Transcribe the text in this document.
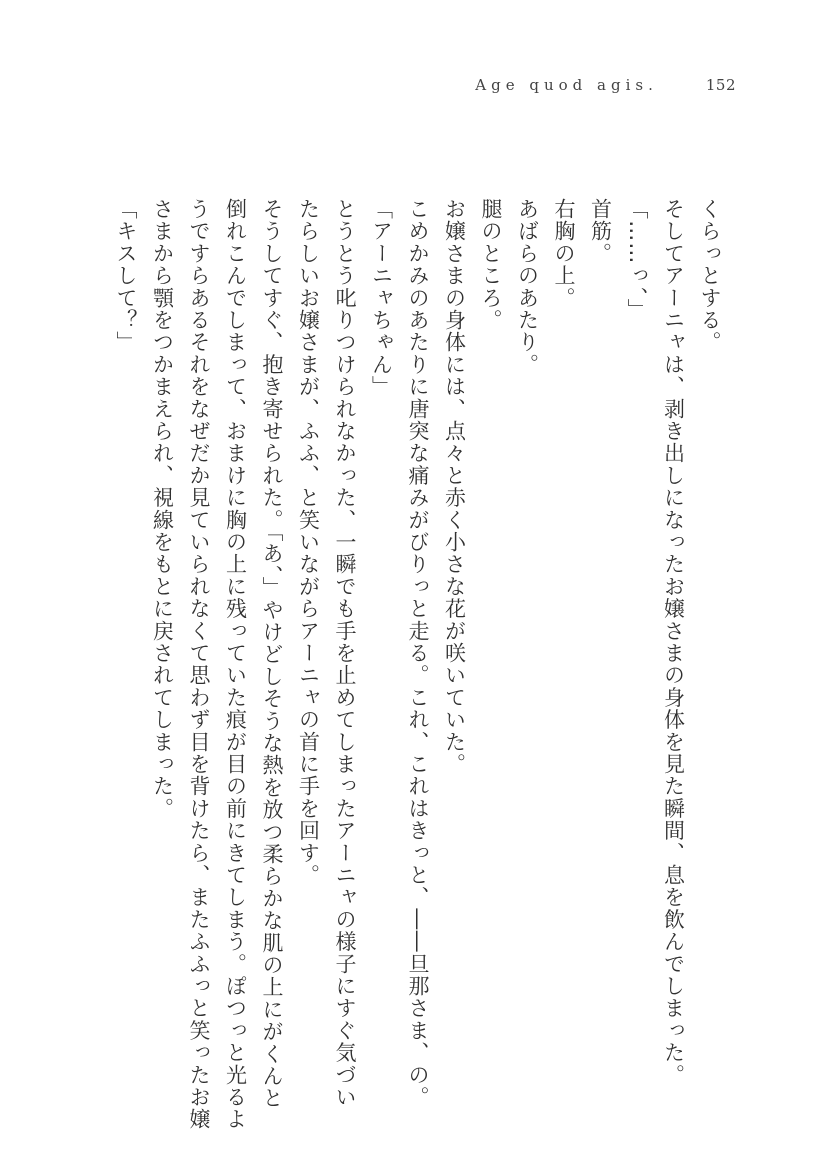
Age quod agis.	152
くらっとする。
そしてアーニャは、剥き出しになったお嬢さまの身体を見た瞬間、息を飲んでしまった。
「……っ、」
首筋。
右胸の上。
あばらのあたり。
腿のところ。
お嬢さまの身体には、点々と赤く小さな花が咲いていた。
こめかみのあたりに唐突な痛みがびりっと走る。これ、これはきっと、――旦那さま、の。
「アーニャちゃん」
とうとう叱りつけられなかった、一瞬でも手を止めてしまったアーニャの様子にすぐ気づい
たらしいお嬢さまが、ふふ、と笑いながらアーニャの首に手を回す。
そうしてすぐ、抱き寄せられた。「あ、」やけどしそうな熱を放つ柔らかな肌の上にがくんと
倒れこんでしまって、おまけに胸の上に残っていた痕が目の前にきてしまう。ぽつっと光るよ
うですらあるそれをなぜだか見ていられなくて思わず目を背けたら、またふふっと笑ったお嬢
さまから顎をつかまえられ、視線をもとに戻されてしまった。
「キスして？」
